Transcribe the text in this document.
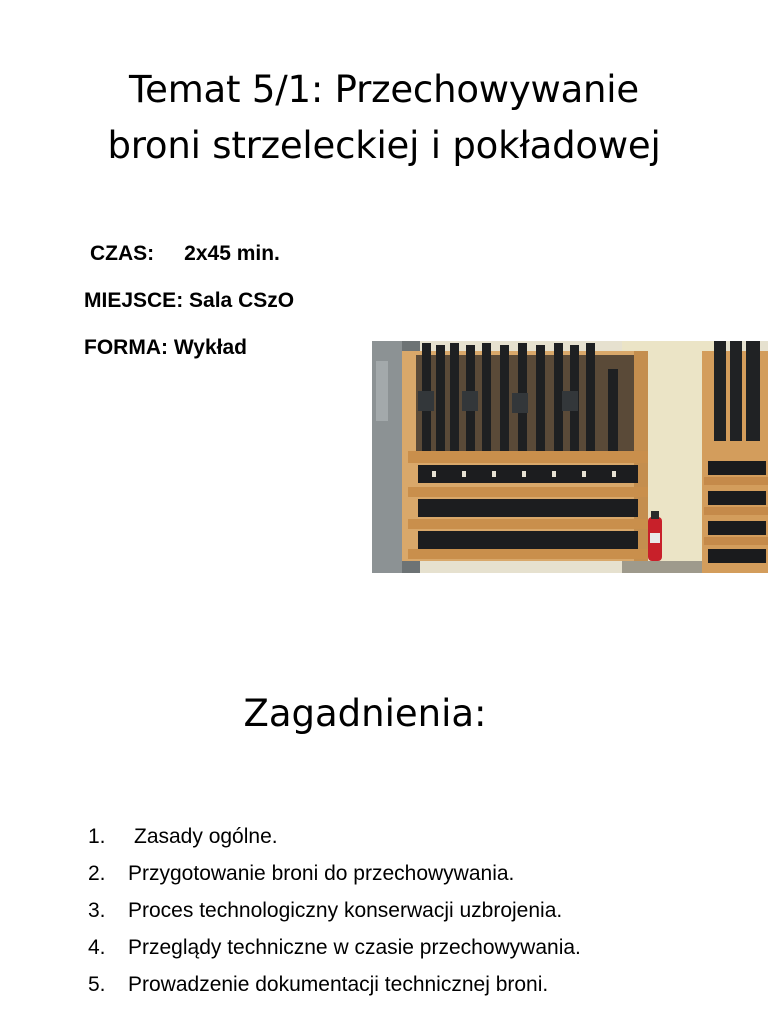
Temat 5/1: Przechowywanie
broni strzeleckiej i pokładowej
CZAS: 2x45 min.
MIEJSCE: Sala CSzO
FORMA: Wykład
Zagadnienia:
1. Zasady ogólne.
2. Przygotowanie broni do przechowywania.
3. Proces technologiczny konserwacji uzbrojenia.
4. Przeglądy techniczne w czasie przechowywania.
5. Prowadzenie dokumentacji technicznej broni.
